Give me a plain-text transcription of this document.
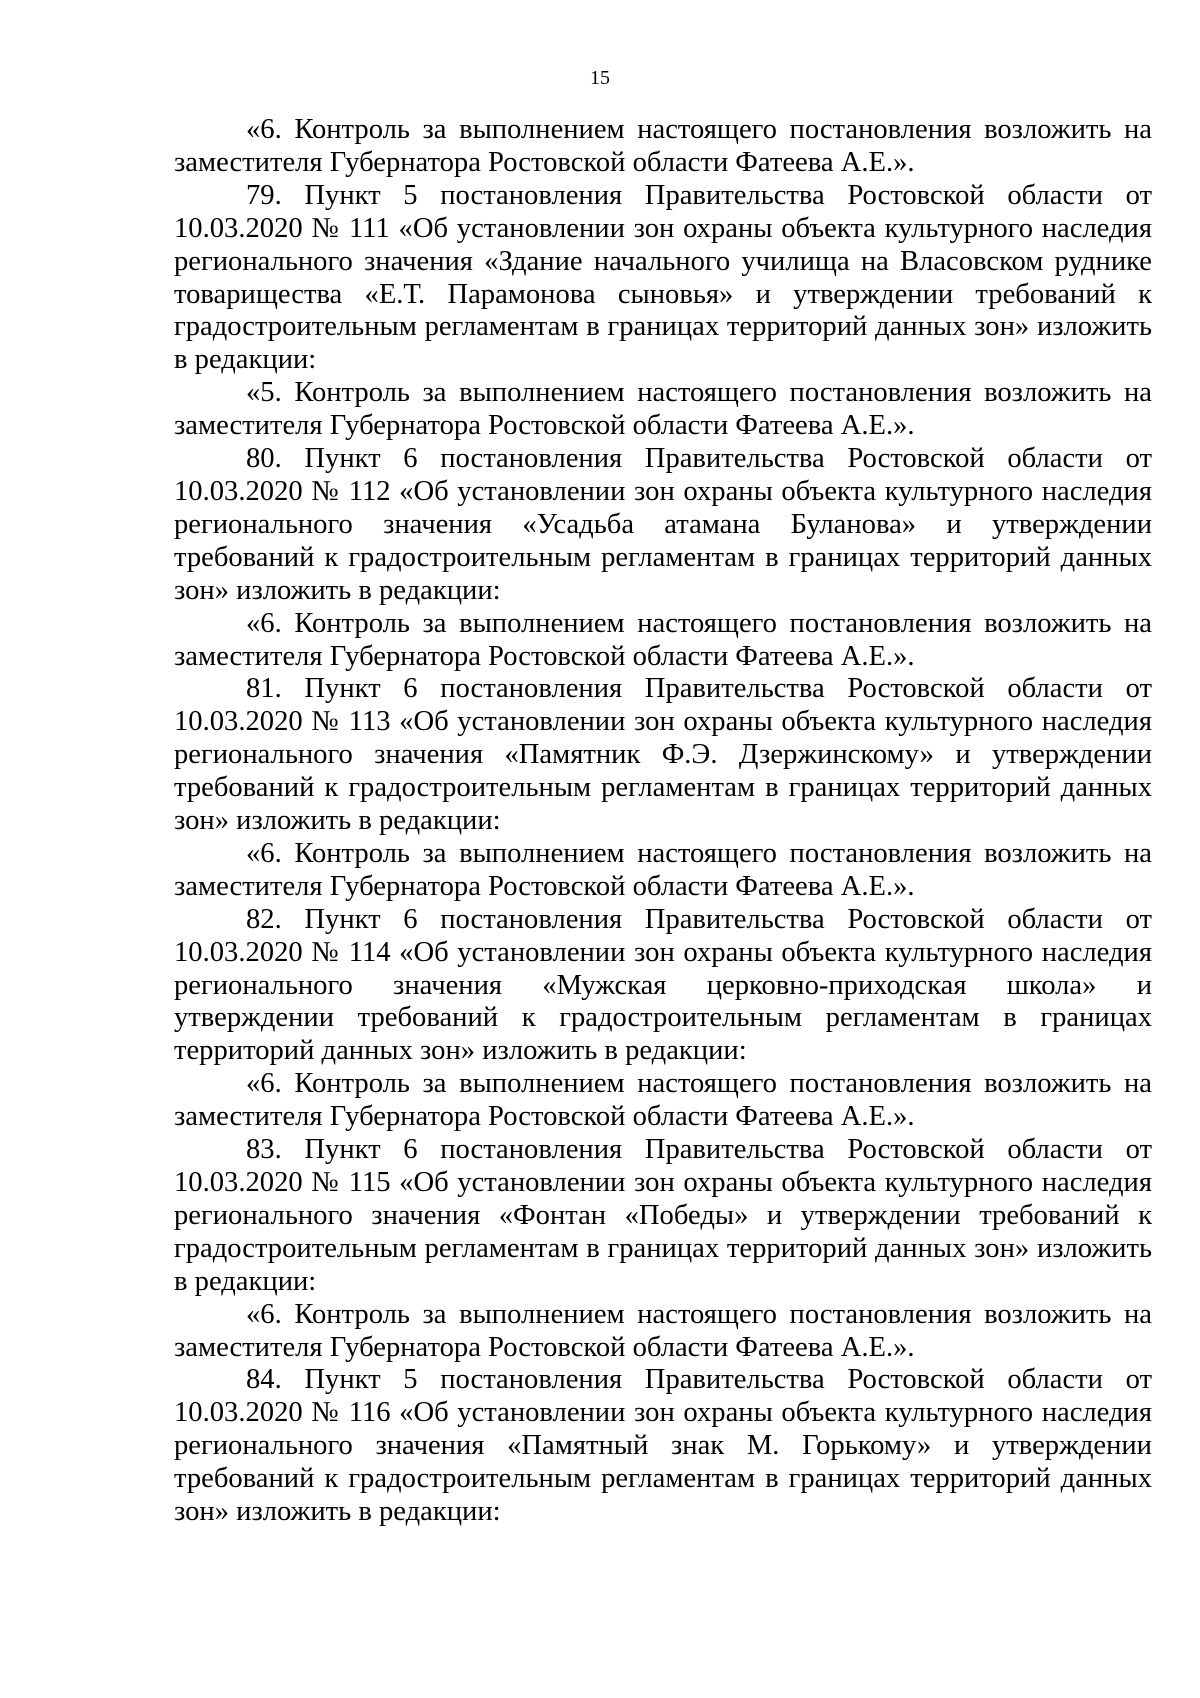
15

«6. Контроль за выполнением настоящего постановления возложить на заместителя Губернатора Ростовской области Фатеева А.Е.».

79. Пункт 5 постановления Правительства Ростовской области от 10.03.2020 № 111 «Об установлении зон охраны объекта культурного наследия регионального значения «Здание начального училища на Власовском руднике товарищества «Е.Т. Парамонова сыновья» и утверждении требований к градостроительным регламентам в границах территорий данных зон» изложить в редакции:

«5. Контроль за выполнением настоящего постановления возложить на заместителя Губернатора Ростовской области Фатеева А.Е.».

80. Пункт 6 постановления Правительства Ростовской области от 10.03.2020 № 112 «Об установлении зон охраны объекта культурного наследия регионального значения «Усадьба атамана Буланова» и утверждении требований к градостроительным регламентам в границах территорий данных зон» изложить в редакции:

«6. Контроль за выполнением настоящего постановления возложить на заместителя Губернатора Ростовской области Фатеева А.Е.».

81. Пункт 6 постановления Правительства Ростовской области от 10.03.2020 № 113 «Об установлении зон охраны объекта культурного наследия регионального значения «Памятник Ф.Э. Дзержинскому» и утверждении требований к градостроительным регламентам в границах территорий данных зон» изложить в редакции:

«6. Контроль за выполнением настоящего постановления возложить на заместителя Губернатора Ростовской области Фатеева А.Е.».

82. Пункт 6 постановления Правительства Ростовской области от 10.03.2020 № 114 «Об установлении зон охраны объекта культурного наследия регионального значения «Мужская церковно-приходская школа» и утверждении требований к градостроительным регламентам в границах территорий данных зон» изложить в редакции:

«6. Контроль за выполнением настоящего постановления возложить на заместителя Губернатора Ростовской области Фатеева А.Е.».

83. Пункт 6 постановления Правительства Ростовской области от 10.03.2020 № 115 «Об установлении зон охраны объекта культурного наследия регионального значения «Фонтан «Победы» и утверждении требований к градостроительным регламентам в границах территорий данных зон» изложить в редакции:

«6. Контроль за выполнением настоящего постановления возложить на заместителя Губернатора Ростовской области Фатеева А.Е.».

84. Пункт 5 постановления Правительства Ростовской области от 10.03.2020 № 116 «Об установлении зон охраны объекта культурного наследия регионального значения «Памятный знак М. Горькому» и утверждении требований к градостроительным регламентам в границах территорий данных зон» изложить в редакции:
